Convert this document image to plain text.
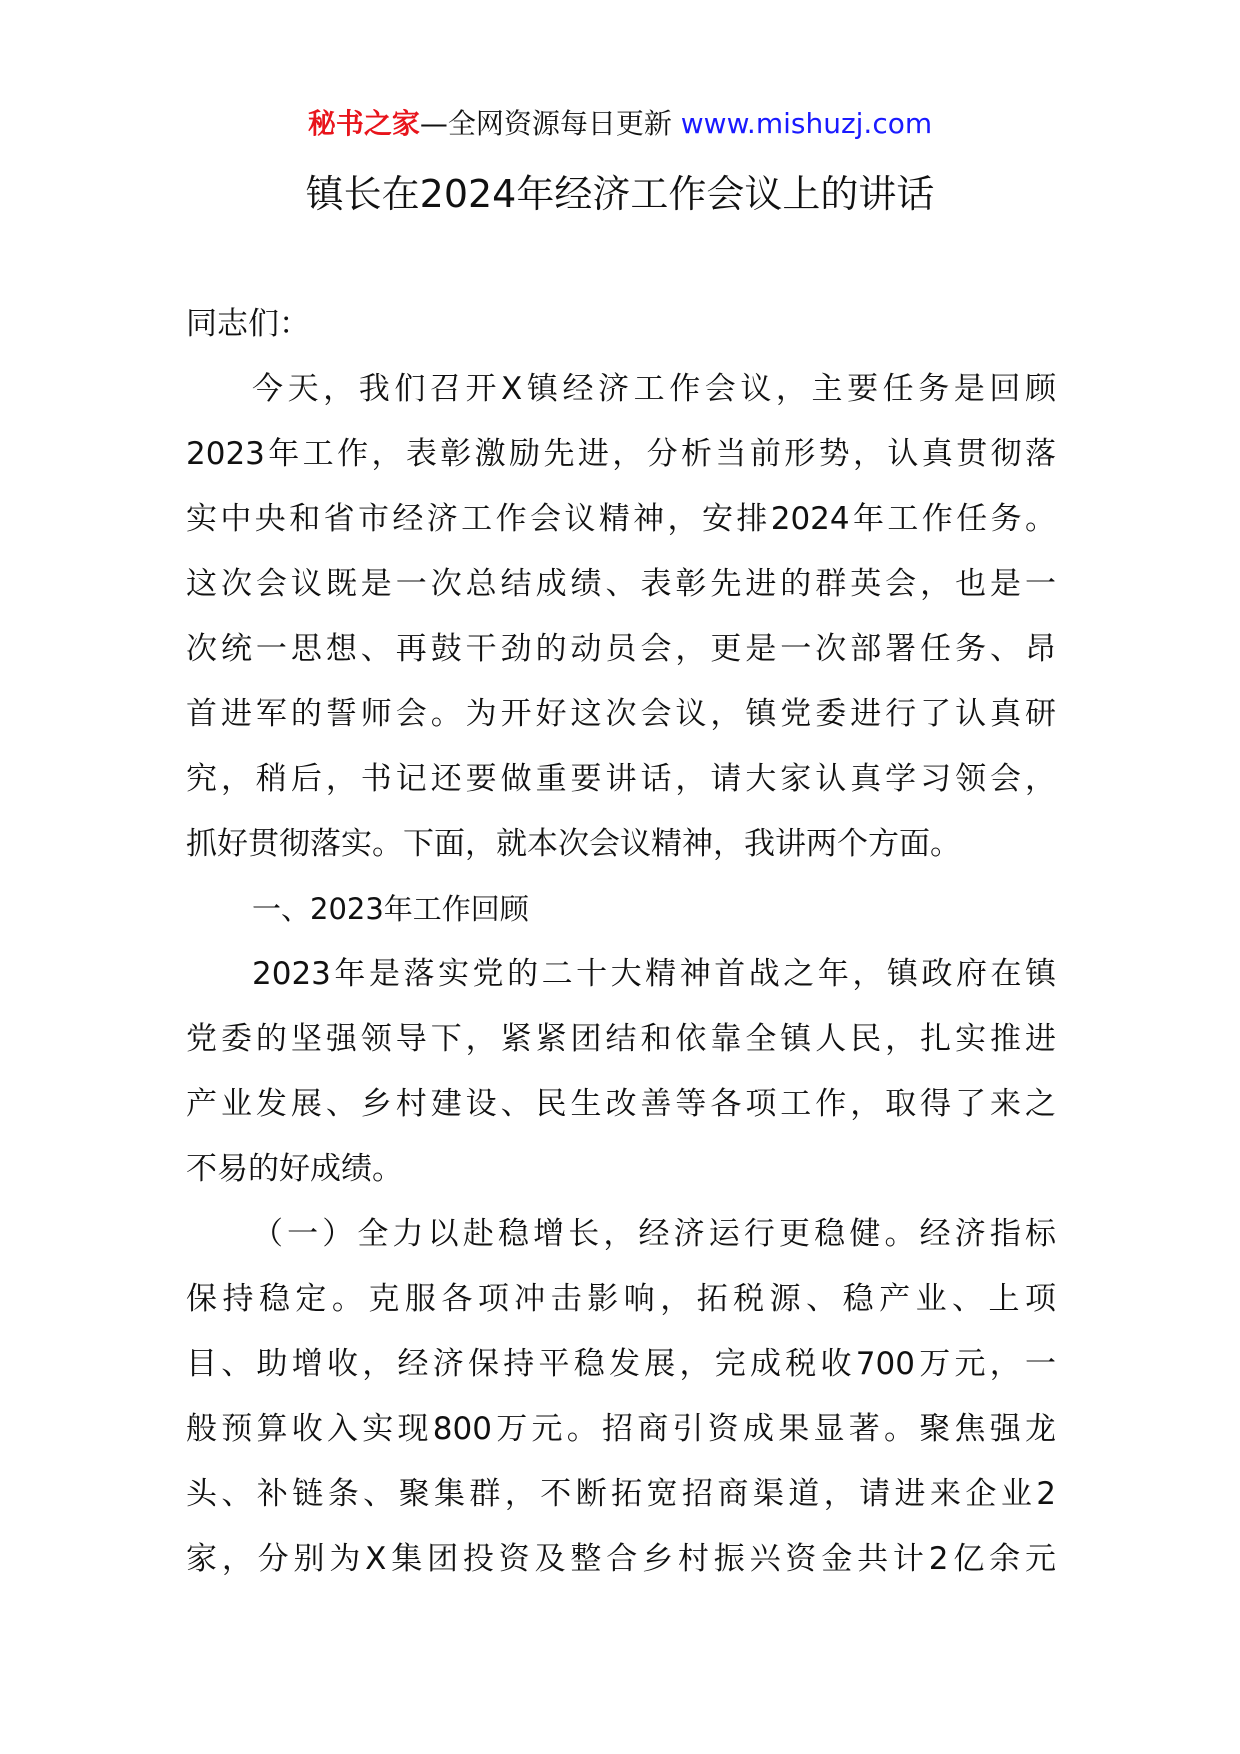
秘书之家—全网资源每日更新 www.mishuzj.com
镇长在2024年经济工作会议上的讲话
同志们：
今天，我们召开X镇经济工作会议，主要任务是回顾
2023年工作，表彰激励先进，分析当前形势，认真贯彻落
实中央和省市经济工作会议精神，安排2024年工作任务。
这次会议既是一次总结成绩、表彰先进的群英会，也是一
次统一思想、再鼓干劲的动员会，更是一次部署任务、昂
首进军的誓师会。为开好这次会议，镇党委进行了认真研
究，稍后，书记还要做重要讲话，请大家认真学习领会，
抓好贯彻落实。下面，就本次会议精神，我讲两个方面。
一、2023年工作回顾
2023年是落实党的二十大精神首战之年，镇政府在镇
党委的坚强领导下，紧紧团结和依靠全镇人民，扎实推进
产业发展、乡村建设、民生改善等各项工作，取得了来之
不易的好成绩。
（一）全力以赴稳增长，经济运行更稳健。经济指标
保持稳定。克服各项冲击影响，拓税源、稳产业、上项
目、助增收，经济保持平稳发展，完成税收700万元，一
般预算收入实现800万元。招商引资成果显著。聚焦强龙
头、补链条、聚集群，不断拓宽招商渠道，请进来企业2
家，分别为X集团投资及整合乡村振兴资金共计2亿余元
